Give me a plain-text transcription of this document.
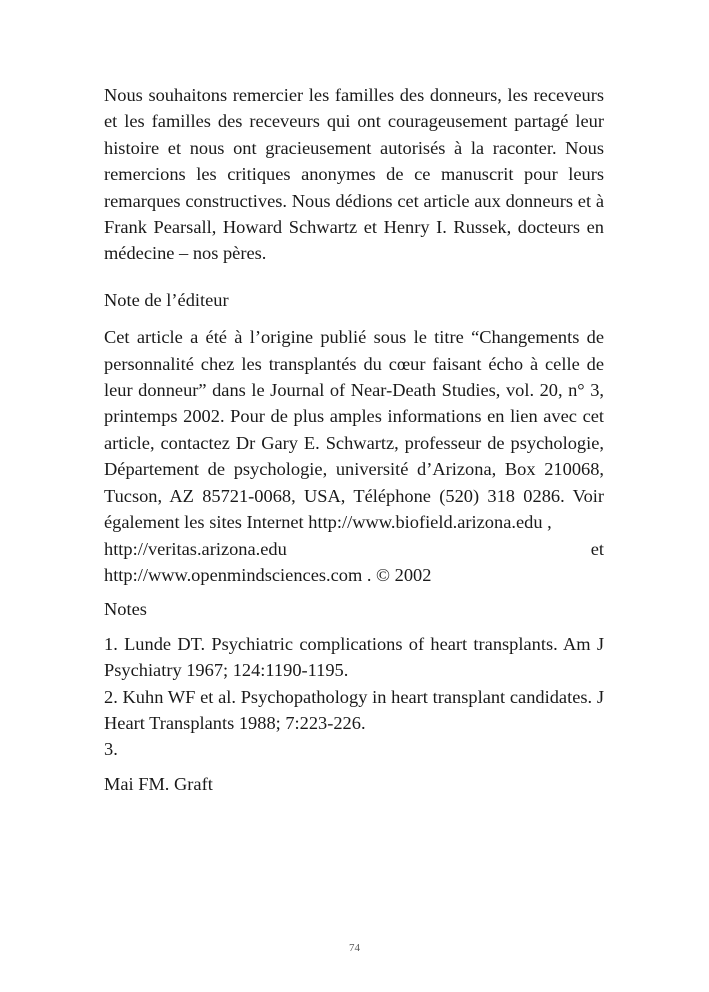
Nous souhaitons remercier les familles des donneurs, les receveurs et les familles des receveurs qui ont courageusement partagé leur histoire et nous ont gracieusement autorisés à la raconter. Nous remercions les critiques anonymes de ce manuscrit pour leurs remarques constructives. Nous dédions cet article aux donneurs et à Frank Pearsall, Howard Schwartz et Henry I. Russek, docteurs en médecine – nos pères.

Note de l’éditeur

Cet article a été à l’origine publié sous le titre “Changements de personnalité chez les transplantés du cœur faisant écho à celle de leur donneur” dans le Journal of Near-Death Studies, vol. 20, n° 3, printemps 2002. Pour de plus amples informations en lien avec cet article, contactez Dr Gary E. Schwartz, professeur de psychologie, Département de psychologie, université d’Arizona, Box 210068, Tucson, AZ 85721-0068, USA, Téléphone (520) 318 0286. Voir également les sites Internet http://www.biofield.arizona.edu ,

http://veritas.arizona.edu	et

http://www.openmindsciences.com . © 2002

Notes

1. Lunde DT. Psychiatric complications of heart transplants. Am J Psychiatry 1967; 124:1190-1195.

2. Kuhn WF et al. Psychopathology in heart transplant candidates. J Heart Transplants 1988; 7:223-226.

3.

Mai FM. Graft

74
